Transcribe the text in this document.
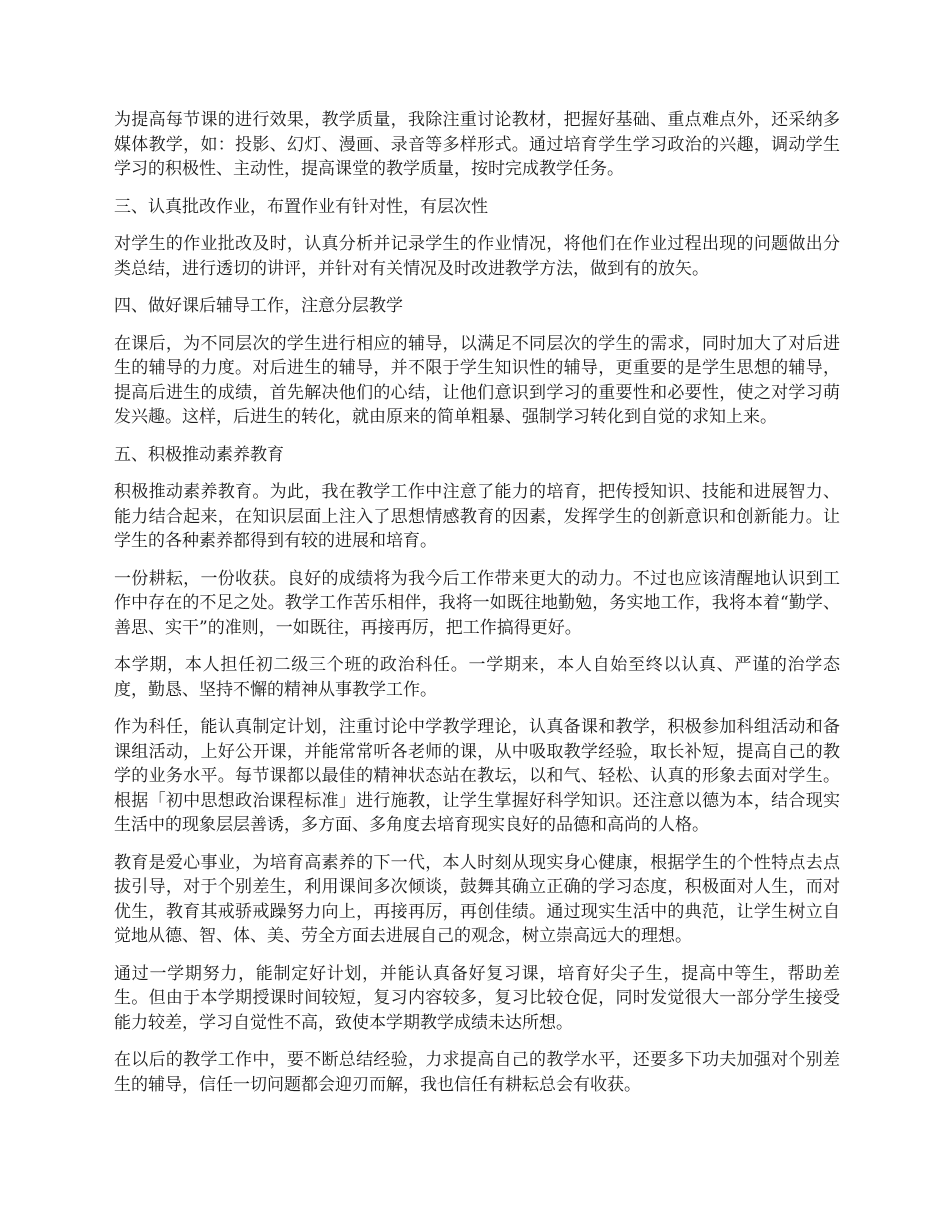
为提高每节课的进行效果，教学质量，我除注重讨论教材，把握好基础、重点难点外，还采纳多媒体教学，如：投影、幻灯、漫画、录音等多样形式。通过培育学生学习政治的兴趣，调动学生学习的积极性、主动性，提高课堂的教学质量，按时完成教学任务。

三、认真批改作业，布置作业有针对性，有层次性

对学生的作业批改及时，认真分析并记录学生的作业情况，将他们在作业过程出现的问题做出分类总结，进行透切的讲评，并针对有关情况及时改进教学方法，做到有的放矢。

四、做好课后辅导工作，注意分层教学

在课后，为不同层次的学生进行相应的辅导，以满足不同层次的学生的需求，同时加大了对后进生的辅导的力度。对后进生的辅导，并不限于学生知识性的辅导，更重要的是学生思想的辅导，提高后进生的成绩，首先解决他们的心结，让他们意识到学习的重要性和必要性，使之对学习萌发兴趣。这样，后进生的转化，就由原来的简单粗暴、强制学习转化到自觉的求知上来。

五、积极推动素养教育

积极推动素养教育。为此，我在教学工作中注意了能力的培育，把传授知识、技能和进展智力、能力结合起来，在知识层面上注入了思想情感教育的因素，发挥学生的创新意识和创新能力。让学生的各种素养都得到有较的进展和培育。

一份耕耘，一份收获。良好的成绩将为我今后工作带来更大的动力。不过也应该清醒地认识到工作中存在的不足之处。教学工作苦乐相伴，我将一如既往地勤勉，务实地工作，我将本着“勤学、善思、实干”的准则，一如既往，再接再厉，把工作搞得更好。

本学期，本人担任初二级三个班的政治科任。一学期来，本人自始至终以认真、严谨的治学态度，勤恳、坚持不懈的精神从事教学工作。

作为科任，能认真制定计划，注重讨论中学教学理论，认真备课和教学，积极参加科组活动和备课组活动，上好公开课，并能常常听各老师的课，从中吸取教学经验，取长补短，提高自己的教学的业务水平。每节课都以最佳的精神状态站在教坛，以和气、轻松、认真的形象去面对学生。根据「初中思想政治课程标准」进行施教，让学生掌握好科学知识。还注意以德为本，结合现实生活中的现象层层善诱，多方面、多角度去培育现实良好的品德和高尚的人格。

教育是爱心事业，为培育高素养的下一代，本人时刻从现实身心健康，根据学生的个性特点去点拔引导，对于个别差生，利用课间多次倾谈，鼓舞其确立正确的学习态度，积极面对人生，而对优生，教育其戒骄戒躁努力向上，再接再厉，再创佳绩。通过现实生活中的典范，让学生树立自觉地从德、智、体、美、劳全方面去进展自己的观念，树立崇高远大的理想。

通过一学期努力，能制定好计划，并能认真备好复习课，培育好尖子生，提高中等生，帮助差生。但由于本学期授课时间较短，复习内容较多，复习比较仓促，同时发觉很大一部分学生接受能力较差，学习自觉性不高，致使本学期教学成绩未达所想。

在以后的教学工作中，要不断总结经验，力求提高自己的教学水平，还要多下功夫加强对个别差生的辅导，信任一切问题都会迎刃而解，我也信任有耕耘总会有收获。
